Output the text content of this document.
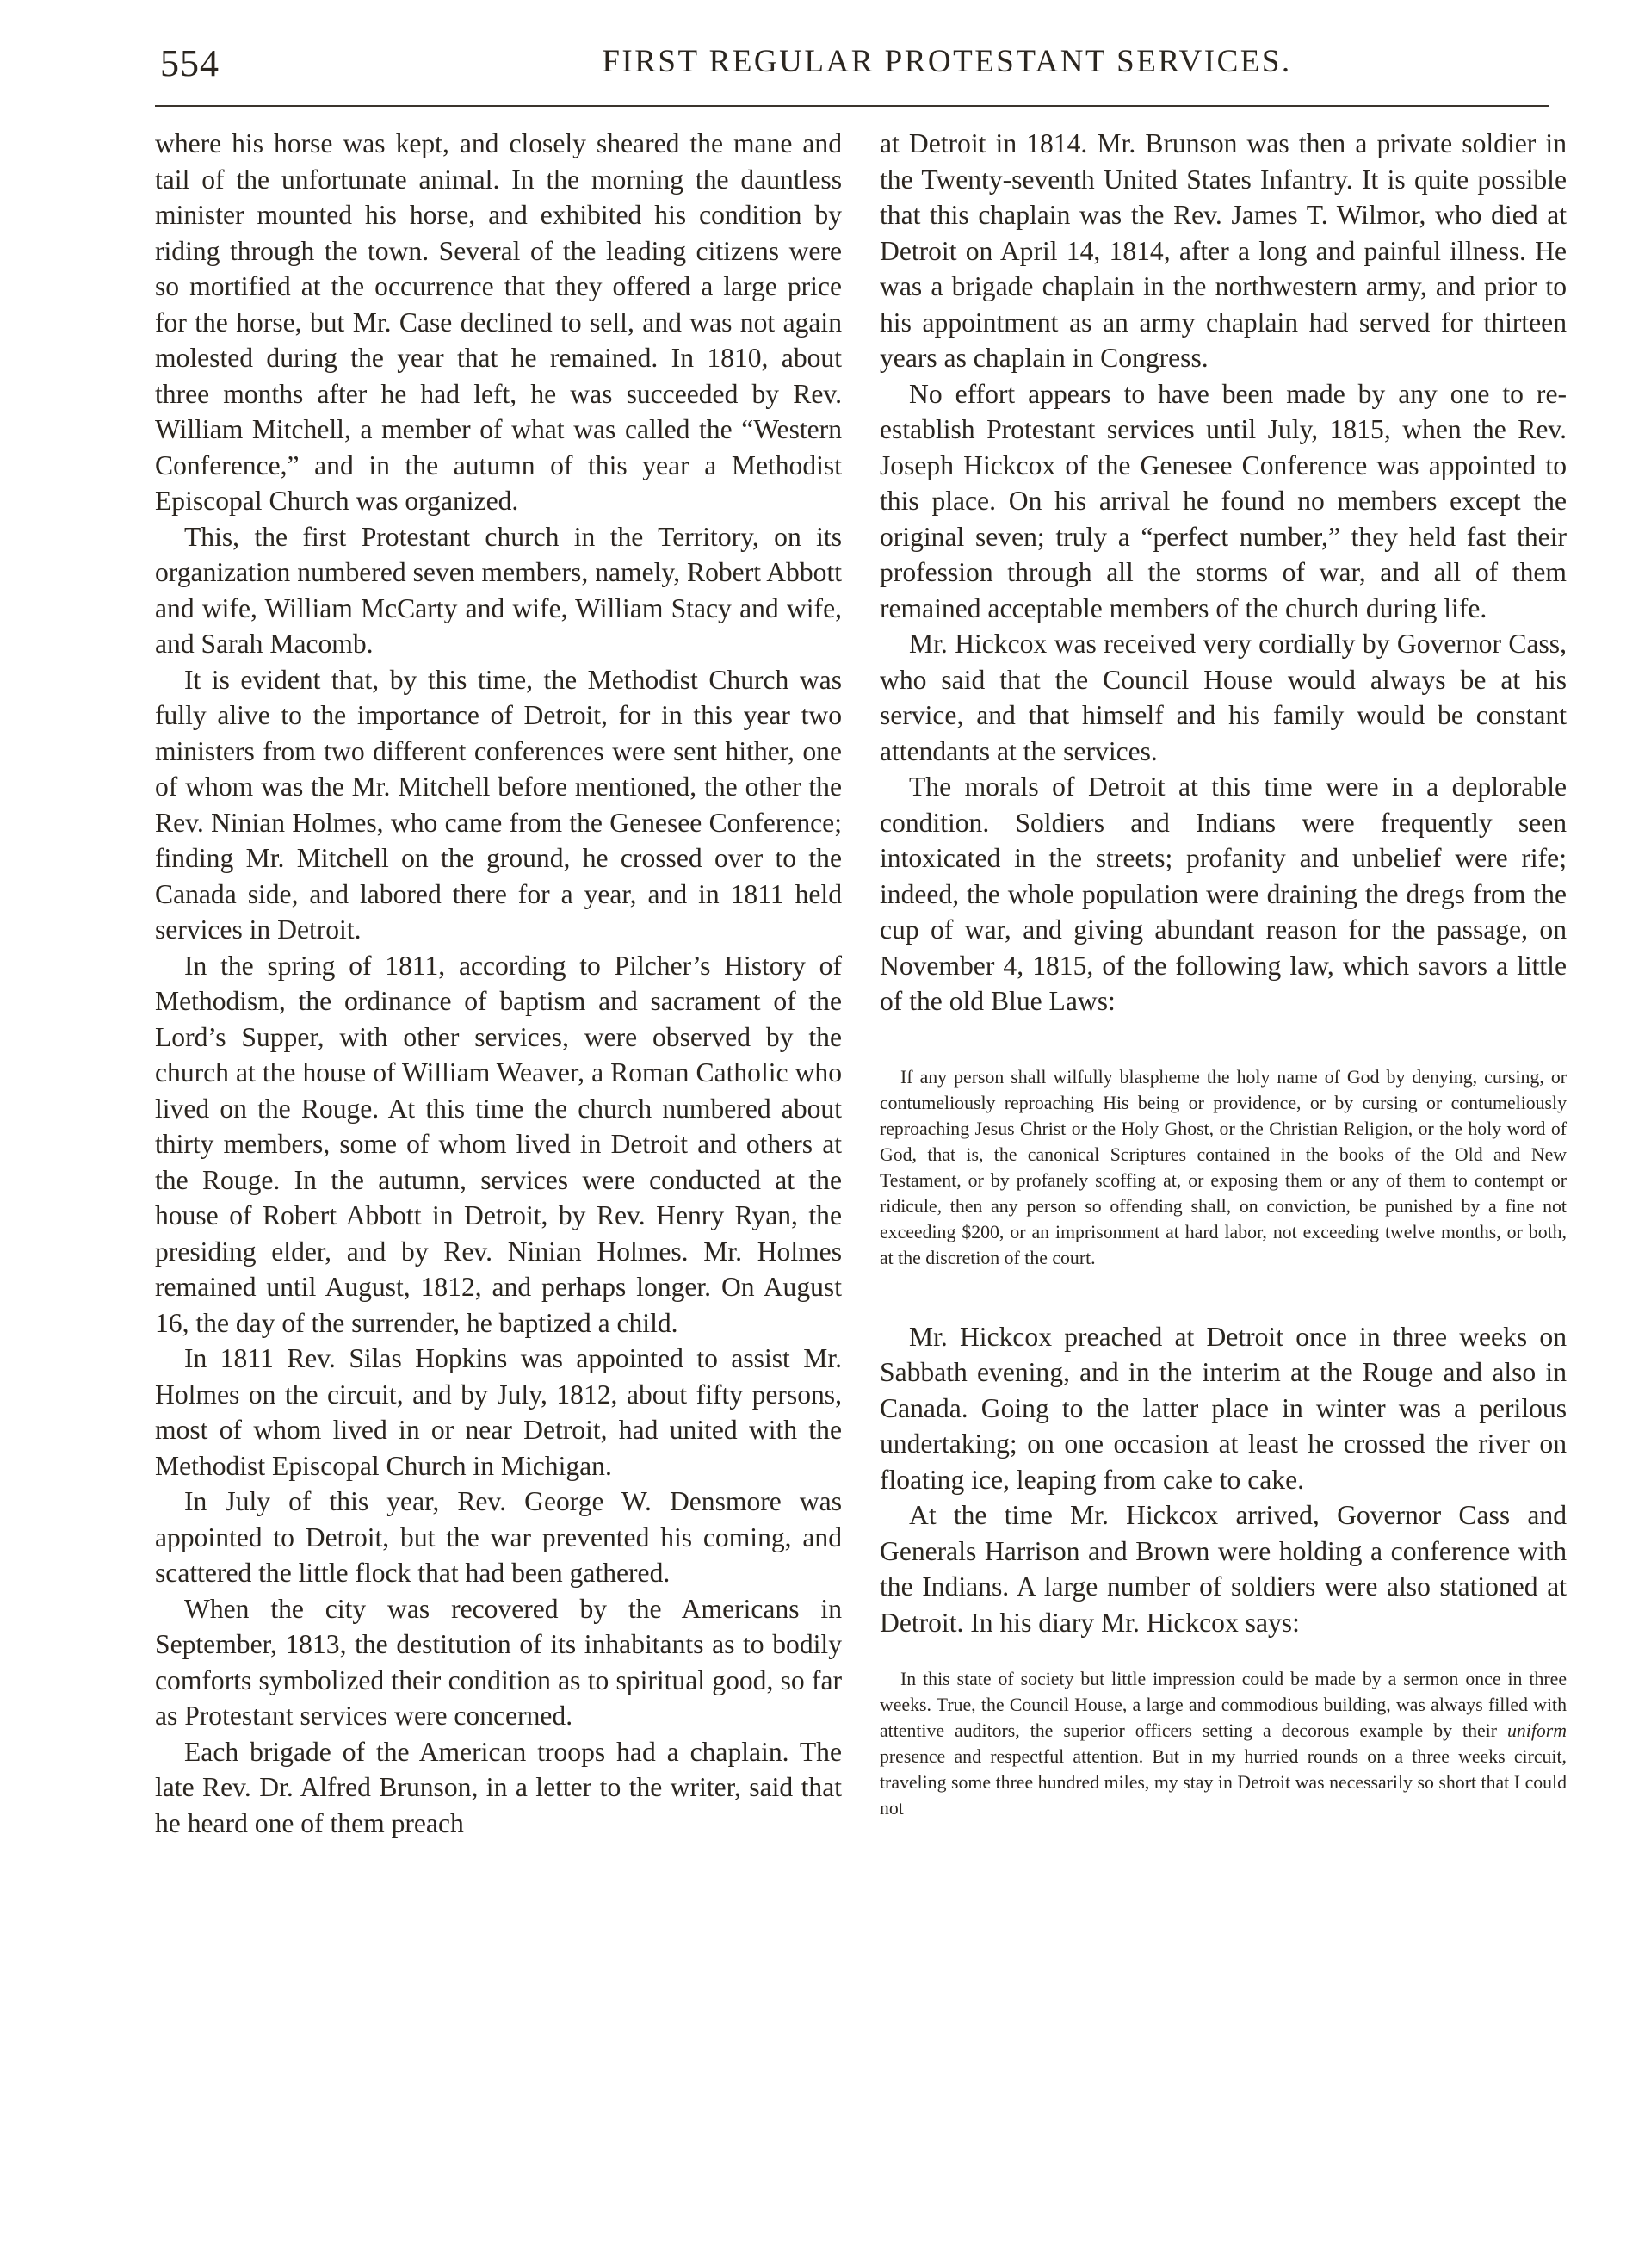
554	FIRST REGULAR PROTESTANT SERVICES.

where his horse was kept, and closely sheared the mane and tail of the unfortunate animal. In the morning the dauntless minister mounted his horse, and exhibited his condition by riding through the town. Several of the leading citizens were so mortified at the occurrence that they offered a large price for the horse, but Mr. Case declined to sell, and was not again molested during the year that he remained. In 1810, about three months after he had left, he was succeeded by Rev. William Mitchell, a member of what was called the “Western Conference,” and in the autumn of this year a Methodist Episcopal Church was organized.

This, the first Protestant church in the Territory, on its organization numbered seven members, namely, Robert Abbott and wife, William McCarty and wife, William Stacy and wife, and Sarah Macomb.

It is evident that, by this time, the Methodist Church was fully alive to the importance of Detroit, for in this year two ministers from two different conferences were sent hither, one of whom was the Mr. Mitchell before mentioned, the other the Rev. Ninian Holmes, who came from the Genesee Conference; finding Mr. Mitchell on the ground, he crossed over to the Canada side, and labored there for a year, and in 1811 held services in Detroit.

In the spring of 1811, according to Pilcher’s History of Methodism, the ordinance of baptism and sacrament of the Lord’s Supper, with other services, were observed by the church at the house of William Weaver, a Roman Catholic who lived on the Rouge. At this time the church numbered about thirty members, some of whom lived in Detroit and others at the Rouge. In the autumn, services were conducted at the house of Robert Abbott in Detroit, by Rev. Henry Ryan, the presiding elder, and by Rev. Ninian Holmes. Mr. Holmes remained until August, 1812, and perhaps longer. On August 16, the day of the surrender, he baptized a child.

In 1811 Rev. Silas Hopkins was appointed to assist Mr. Holmes on the circuit, and by July, 1812, about fifty persons, most of whom lived in or near Detroit, had united with the Methodist Episcopal Church in Michigan.

In July of this year, Rev. George W. Densmore was appointed to Detroit, but the war prevented his coming, and scattered the little flock that had been gathered.

When the city was recovered by the Americans in September, 1813, the destitution of its inhabitants as to bodily comforts symbolized their condition as to spiritual good, so far as Protestant services were concerned.

Each brigade of the American troops had a chaplain. The late Rev. Dr. Alfred Brunson, in a letter to the writer, said that he heard one of them preach

at Detroit in 1814. Mr. Brunson was then a private soldier in the Twenty-seventh United States Infantry. It is quite possible that this chaplain was the Rev. James T. Wilmor, who died at Detroit on April 14, 1814, after a long and painful illness. He was a brigade chaplain in the northwestern army, and prior to his appointment as an army chaplain had served for thirteen years as chaplain in Congress.

No effort appears to have been made by any one to re-establish Protestant services until July, 1815, when the Rev. Joseph Hickcox of the Genesee Conference was appointed to this place. On his arrival he found no members except the original seven; truly a “perfect number,” they held fast their profession through all the storms of war, and all of them remained acceptable members of the church during life.

Mr. Hickcox was received very cordially by Governor Cass, who said that the Council House would always be at his service, and that himself and his family would be constant attendants at the services.

The morals of Detroit at this time were in a deplorable condition. Soldiers and Indians were frequently seen intoxicated in the streets; profanity and unbelief were rife; indeed, the whole population were draining the dregs from the cup of war, and giving abundant reason for the passage, on November 4, 1815, of the following law, which savors a little of the old Blue Laws:

If any person shall wilfully blaspheme the holy name of God by denying, cursing, or contumeliously reproaching His being or providence, or by cursing or contumeliously reproaching Jesus Christ or the Holy Ghost, or the Christian Religion, or the holy word of God, that is, the canonical Scriptures contained in the books of the Old and New Testament, or by profanely scoffing at, or exposing them or any of them to contempt or ridicule, then any person so offending shall, on conviction, be punished by a fine not exceeding $200, or an imprisonment at hard labor, not exceeding twelve months, or both, at the discretion of the court.

Mr. Hickcox preached at Detroit once in three weeks on Sabbath evening, and in the interim at the Rouge and also in Canada. Going to the latter place in winter was a perilous undertaking; on one occasion at least he crossed the river on floating ice, leaping from cake to cake.

At the time Mr. Hickcox arrived, Governor Cass and Generals Harrison and Brown were holding a conference with the Indians. A large number of soldiers were also stationed at Detroit. In his diary Mr. Hickcox says:

In this state of society but little impression could be made by a sermon once in three weeks. True, the Council House, a large and commodious building, was always filled with attentive auditors, the superior officers setting a decorous example by their uniform presence and respectful attention. But in my hurried rounds on a three weeks circuit, traveling some three hundred miles, my stay in Detroit was necessarily so short that I could not
